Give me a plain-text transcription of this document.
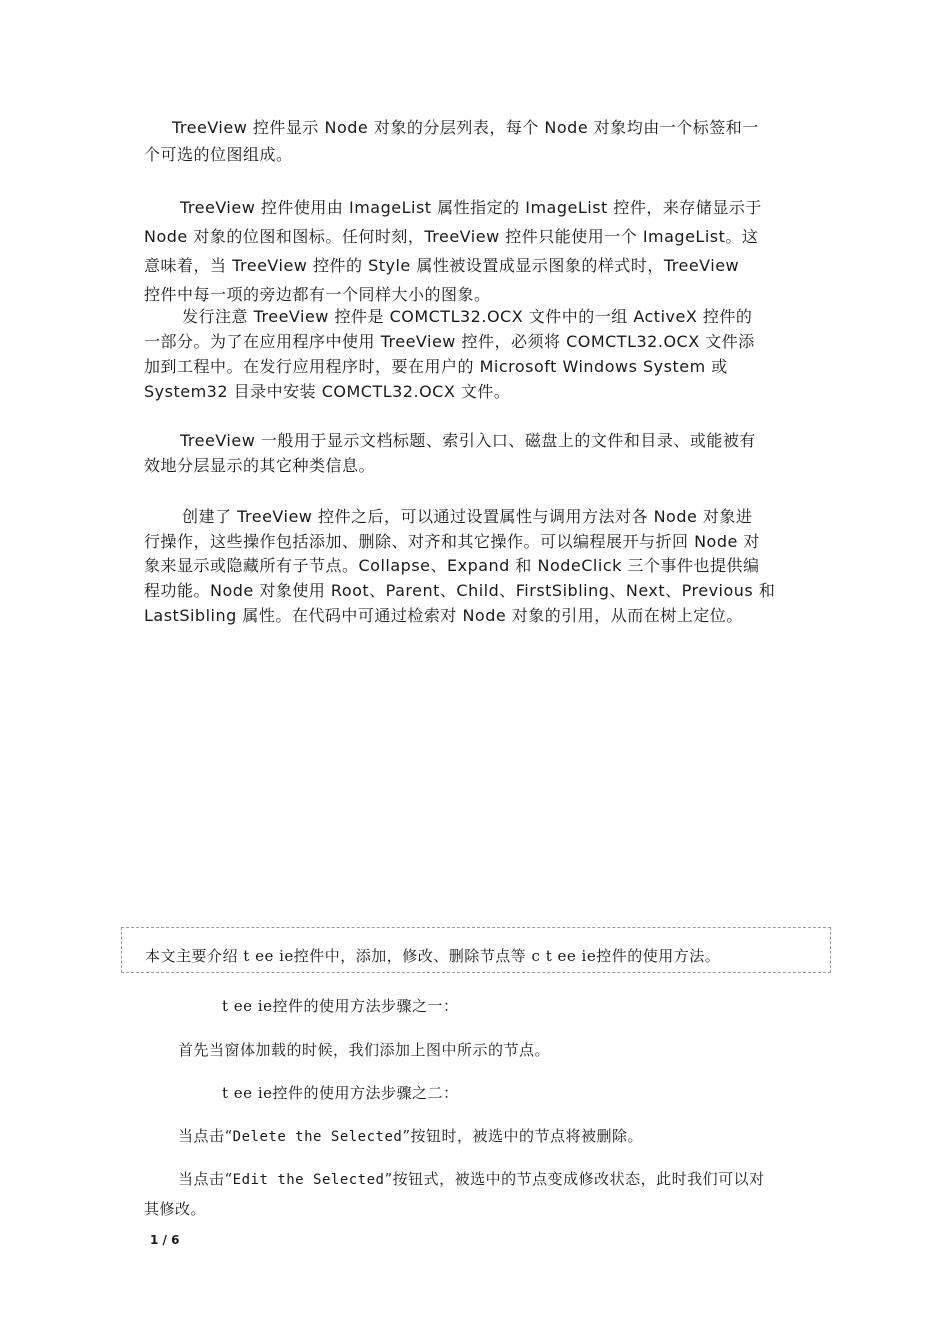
TreeView 控件显示 Node 对象的分层列表，每个 Node 对象均由一个标签和一
个可选的位图组成。
TreeView 控件使用由 ImageList 属性指定的 ImageList 控件，来存储显示于
Node 对象的位图和图标。任何时刻，TreeView 控件只能使用一个 ImageList。这
意味着，当 TreeView 控件的 Style 属性被设置成显示图象的样式时，TreeView
控件中每一项的旁边都有一个同样大小的图象。
发行注意 TreeView 控件是 COMCTL32.OCX 文件中的一组 ActiveX 控件的
一部分。为了在应用程序中使用 TreeView 控件，必须将 COMCTL32.OCX 文件添
加到工程中。在发行应用程序时，要在用户的 Microsoft Windows System 或
System32 目录中安装 COMCTL32.OCX 文件。
TreeView 一般用于显示文档标题、索引入口、磁盘上的文件和目录、或能被有
效地分层显示的其它种类信息。
创建了 TreeView 控件之后，可以通过设置属性与调用方法对各 Node 对象进
行操作，这些操作包括添加、删除、对齐和其它操作。可以编程展开与折回 Node 对
象来显示或隐藏所有子节点。Collapse、Expand 和 NodeClick 三个事件也提供编
程功能。Node 对象使用 Root、Parent、Child、FirstSibling、Next、Previous 和
LastSibling 属性。在代码中可通过检索对 Node 对象的引用，从而在树上定位。
本文主要介绍 t ee ie控件中，添加，修改、删除节点等 c t ee ie控件的使用方法。
t ee ie控件的使用方法步骤之一：
首先当窗体加载的时候，我们添加上图中所示的节点。
t ee ie控件的使用方法步骤之二：
当点击“Delete the Selected”按钮时，被选中的节点将被删除。
当点击“Edit the Selected”按钮式，被选中的节点变成修改状态，此时我们可以对
其修改。
1 / 6
